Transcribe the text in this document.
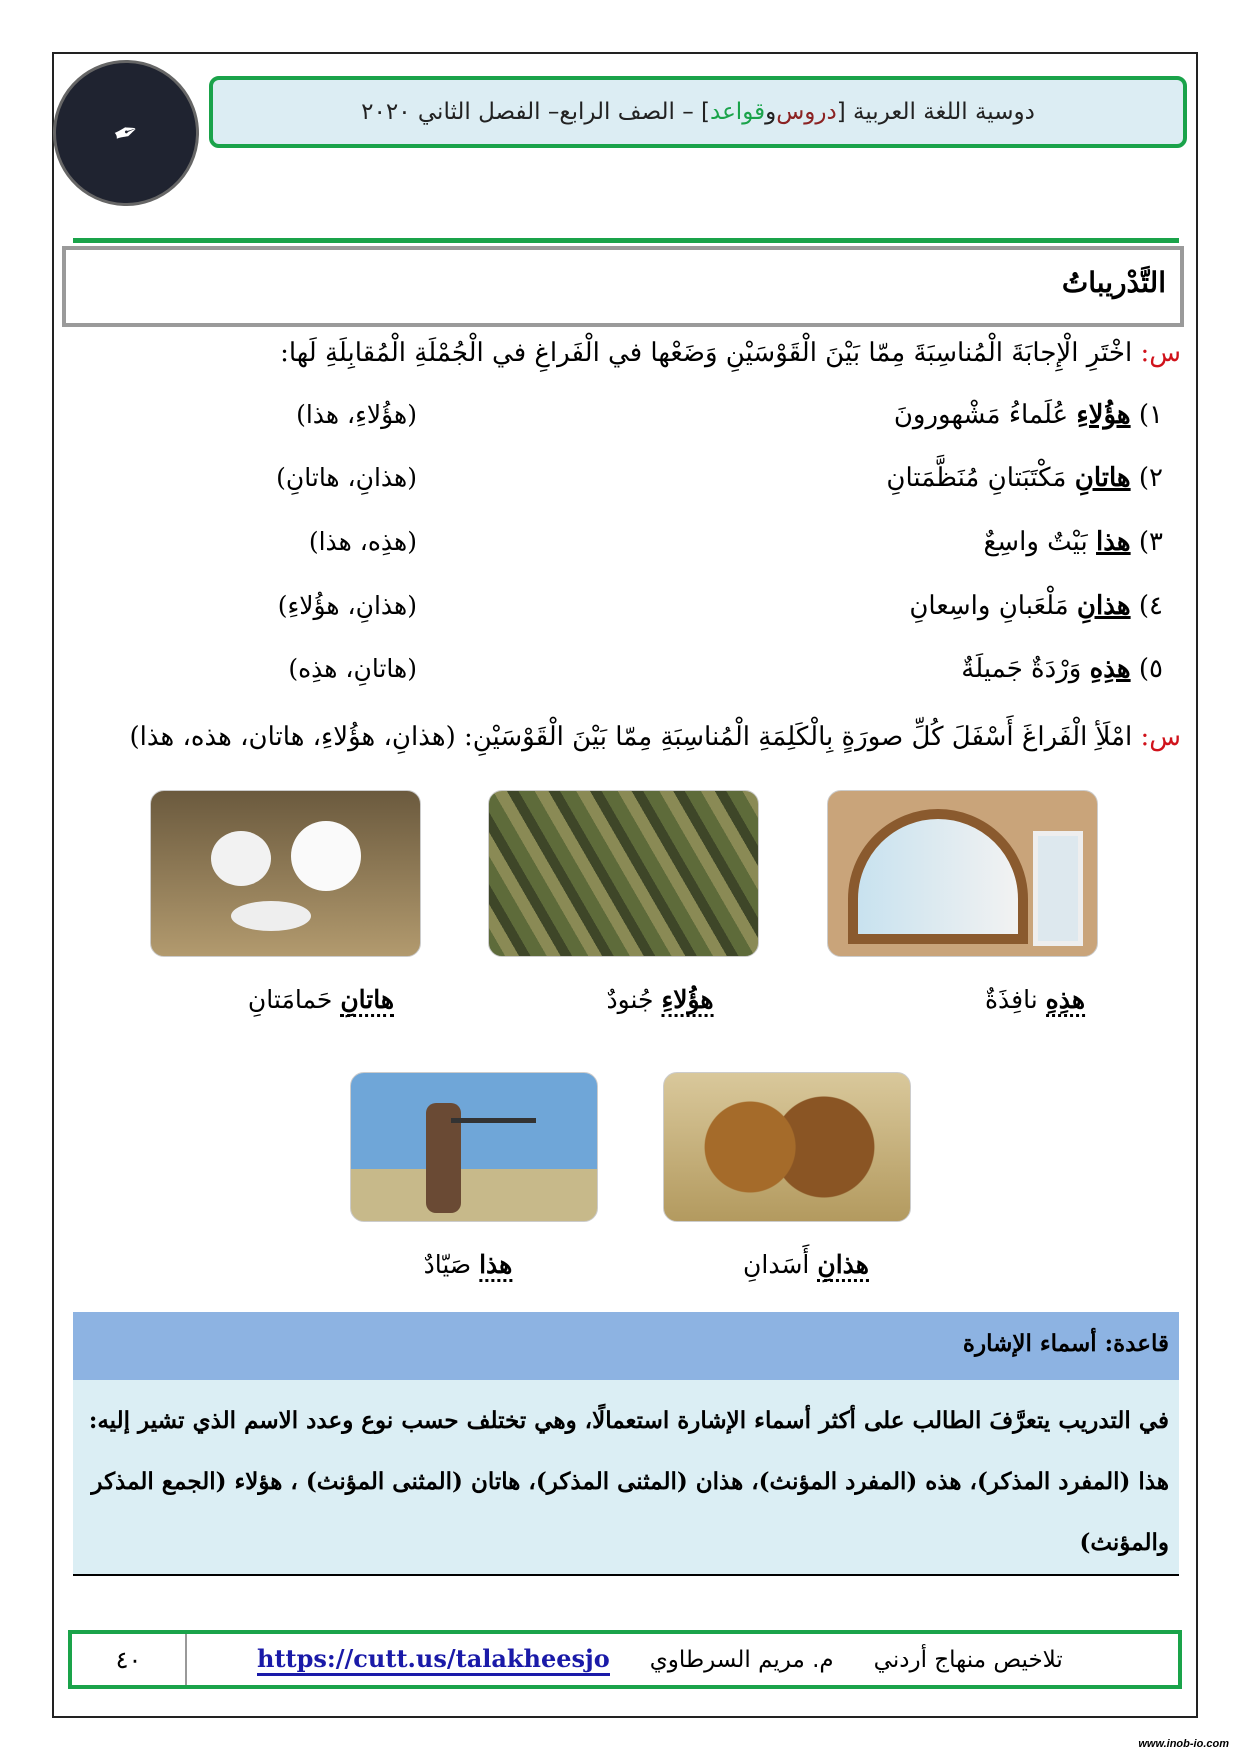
✒
دوسية اللغة العربية [
دروس
و
قواعد
] – الصف الرابع– الفصل الثاني ٢٠٢٠
التَّدْريباتُ
س: اخْتَرِ الْإِجابَةَ الْمُناسِبَةَ مِمّا بَيْنَ الْقَوْسَيْنِ وَضَعْها في الْفَراغِ في الْجُمْلَةِ الْمُقابِلَةِ لَها:
١) هؤُلاءِ عُلَماءُ مَشْهورونَ
(هؤُلاءِ، هذا)
٢) هاتانِ مَكْتَبَتانِ مُنَظَّمَتانِ
(هذانِ، هاتانِ)
٣) هذا بَيْتٌ واسِعٌ
(هذِه، هذا)
٤) هذانِ مَلْعَبانِ واسِعانِ
(هذانِ، هؤُلاءِ)
٥) هذِهِ وَرْدَةٌ جَميلَةٌ
(هاتانِ، هذِه)
س: امْلَأِ الْفَراغَ أَسْفَلَ كُلِّ صورَةٍ بِالْكَلِمَةِ الْمُناسِبَةِ مِمّا بَيْنَ الْقَوْسَيْنِ: (هذانِ، هؤُلاءِ، هاتان، هذه، هذا)
هذِهِ نافِذَةٌ
هؤُلاءِ جُنودٌ
هاتانِ حَمامَتانِ
هذانِ أَسَدانِ
هذا صَيّادٌ
قاعدة: أسماء الإشارة
في التدريب يتعرَّفَ الطالب على أكثر أسماء الإشارة استعمالًا، وهي تختلف حسب نوع وعدد الاسم الذي تشير إليه:
هذا (المفرد المذكر)، هذه (المفرد المؤنث)، هذان (المثنى المذكر)، هاتان (المثنى المؤنث) ، هؤلاء (الجمع المذكر والمؤنث)
٤٠	https://cutt.us/talakheesjo م. مريم السرطاوي تلاخيص منهاج أردني
www.inob-io.com
